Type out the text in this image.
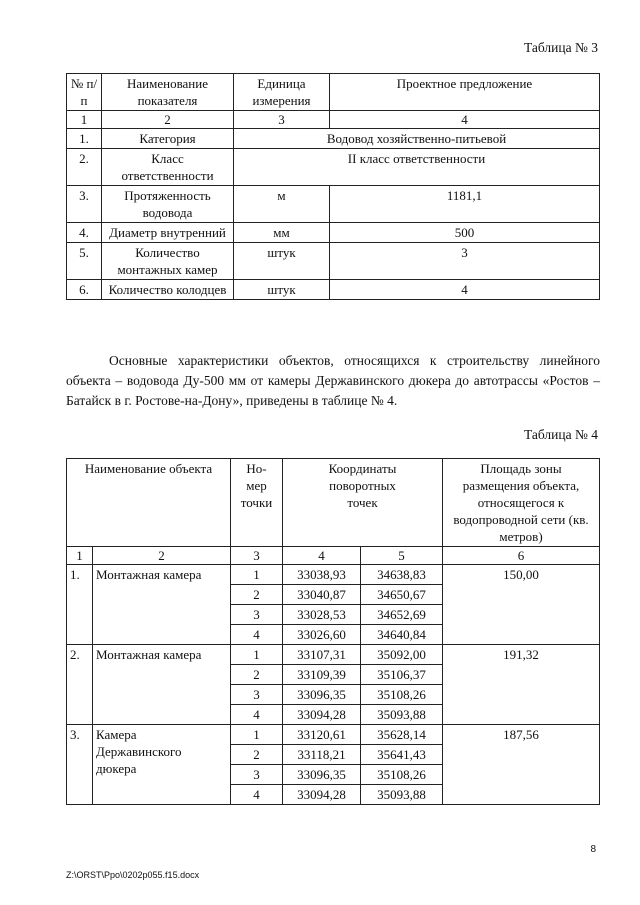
Таблица № 3
№ п/п	Наименование показателя	Единица измерения	Проектное предложение
1	2	3	4
1.	Категория	Водовод хозяйственно-питьевой	
2.	Класс ответственности	II класс ответственности	
3.	Протяженность водовода	м	1181,1
4.	Диаметр внутренний	мм	500
5.	Количество монтажных камер	штук	3
6.	Количество колодцев	штук	4
Основные характеристики объектов, относящихся к строительству линейного объекта – водовода Ду-500 мм от камеры Державинского дюкера до автотрассы «Ростов – Батайск в г. Ростове-на-Дону», приведены в таблице № 4.
Таблица № 4
Наименование объекта		Но-мер точки	Координаты поворотных точек		Площадь зоны размещения объекта, относящегося к водопроводной сети (кв. метров)
1	2	3	4	5	6
1.	Монтажная камера	1	33038,93	34638,83	150,00
		2	33040,87	34650,67	
		3	33028,53	34652,69	
		4	33026,60	34640,84	
2.	Монтажная камера	1	33107,31	35092,00	191,32
		2	33109,39	35106,37	
		3	33096,35	35108,26	
		4	33094,28	35093,88	
3.	Камера Державинского дюкера	1	33120,61	35628,14	187,56
		2	33118,21	35641,43	
		3	33096,35	35108,26	
		4	33094,28	35093,88	
8
Z:\ORST\Ppo\0202p055.f15.docx
